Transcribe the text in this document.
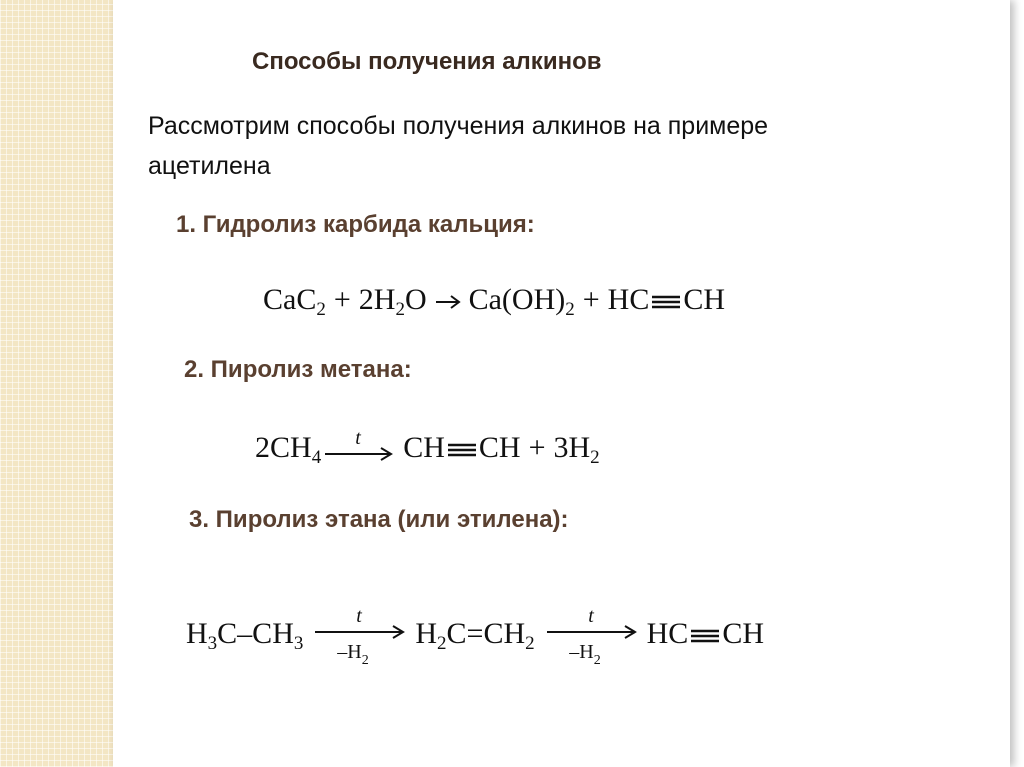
Способы получения алкинов
Рассмотрим способы получения алкинов на примере ацетилена
1. Гидролиз карбида кальция:
$CaC_2 + 2H_2O \to Ca(OH)_2$ + HC CH
2. Пиролиз метана:
$2CH_4$
t CH CH + $3H_2$
3. Пиролиз этана (или этилена):
$H_3C-CH_3$
t
$-H_2$
$H_2C=CH_2$
t
$-H_2$
HC CH
